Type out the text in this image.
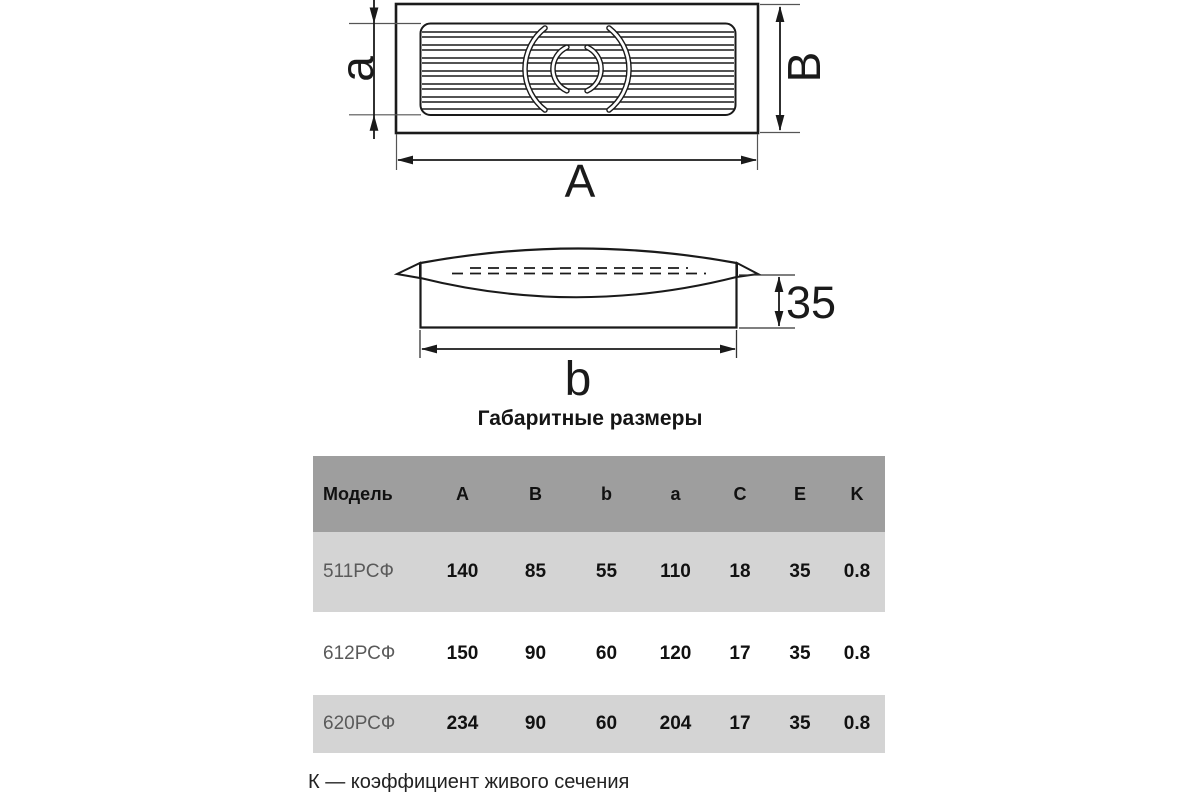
a	B
A
35
b
Габаритные размеры
Модель	A	B	b	a	C	E	K
511РСФ	140	85	55	110	18	35	0.8
612РСФ	150	90	60	120	17	35	0.8
620РСФ	234	90	60	204	17	35	0.8
К — коэффициент живого сечения
